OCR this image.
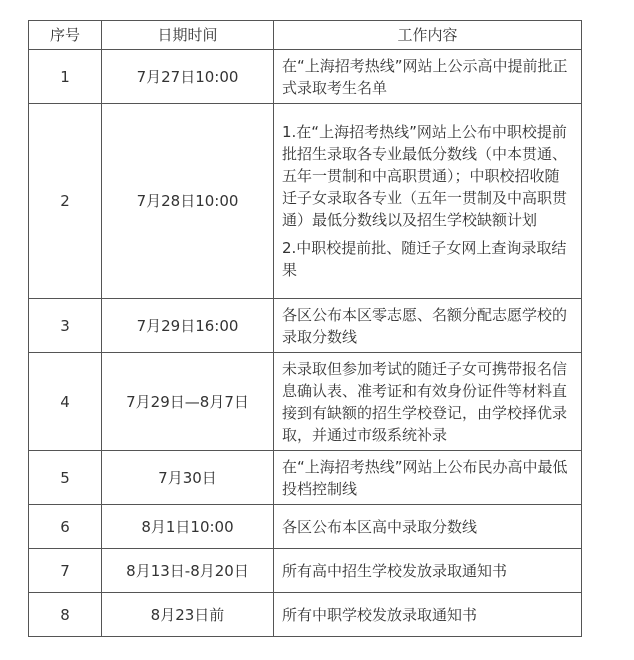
序号	日期时间	工作内容
1	7月27日10:00	在“上海招考热线”网站上公示高中提前批正式录取考生名单

2	7月28日10:00	1.在“上海招考热线”网站上公布中职校提前批招生录取各专业最低分数线（中本贯通、五年一贯制和中高职贯通）；中职校招收随迁子女录取各专业（五年一贯制及中高职贯通）最低分数线以及招生学校缺额计划

2.中职校提前批、随迁子女网上查询录取结果

3	7月29日16:00	各区公布本区零志愿、名额分配志愿学校的录取分数线

4	7月29日—8月7日	未录取但参加考试的随迁子女可携带报名信息确认表、准考证和有效身份证件等材料直接到有缺额的招生学校登记，由学校择优录取，并通过市级系统补录

5	7月30日	在“上海招考热线”网站上公布民办高中最低投档控制线

6	8月1日10:00	各区公布本区高中录取分数线

7	8月13日-8月20日	所有高中招生学校发放录取通知书

8	8月23日前	所有中职学校发放录取通知书
